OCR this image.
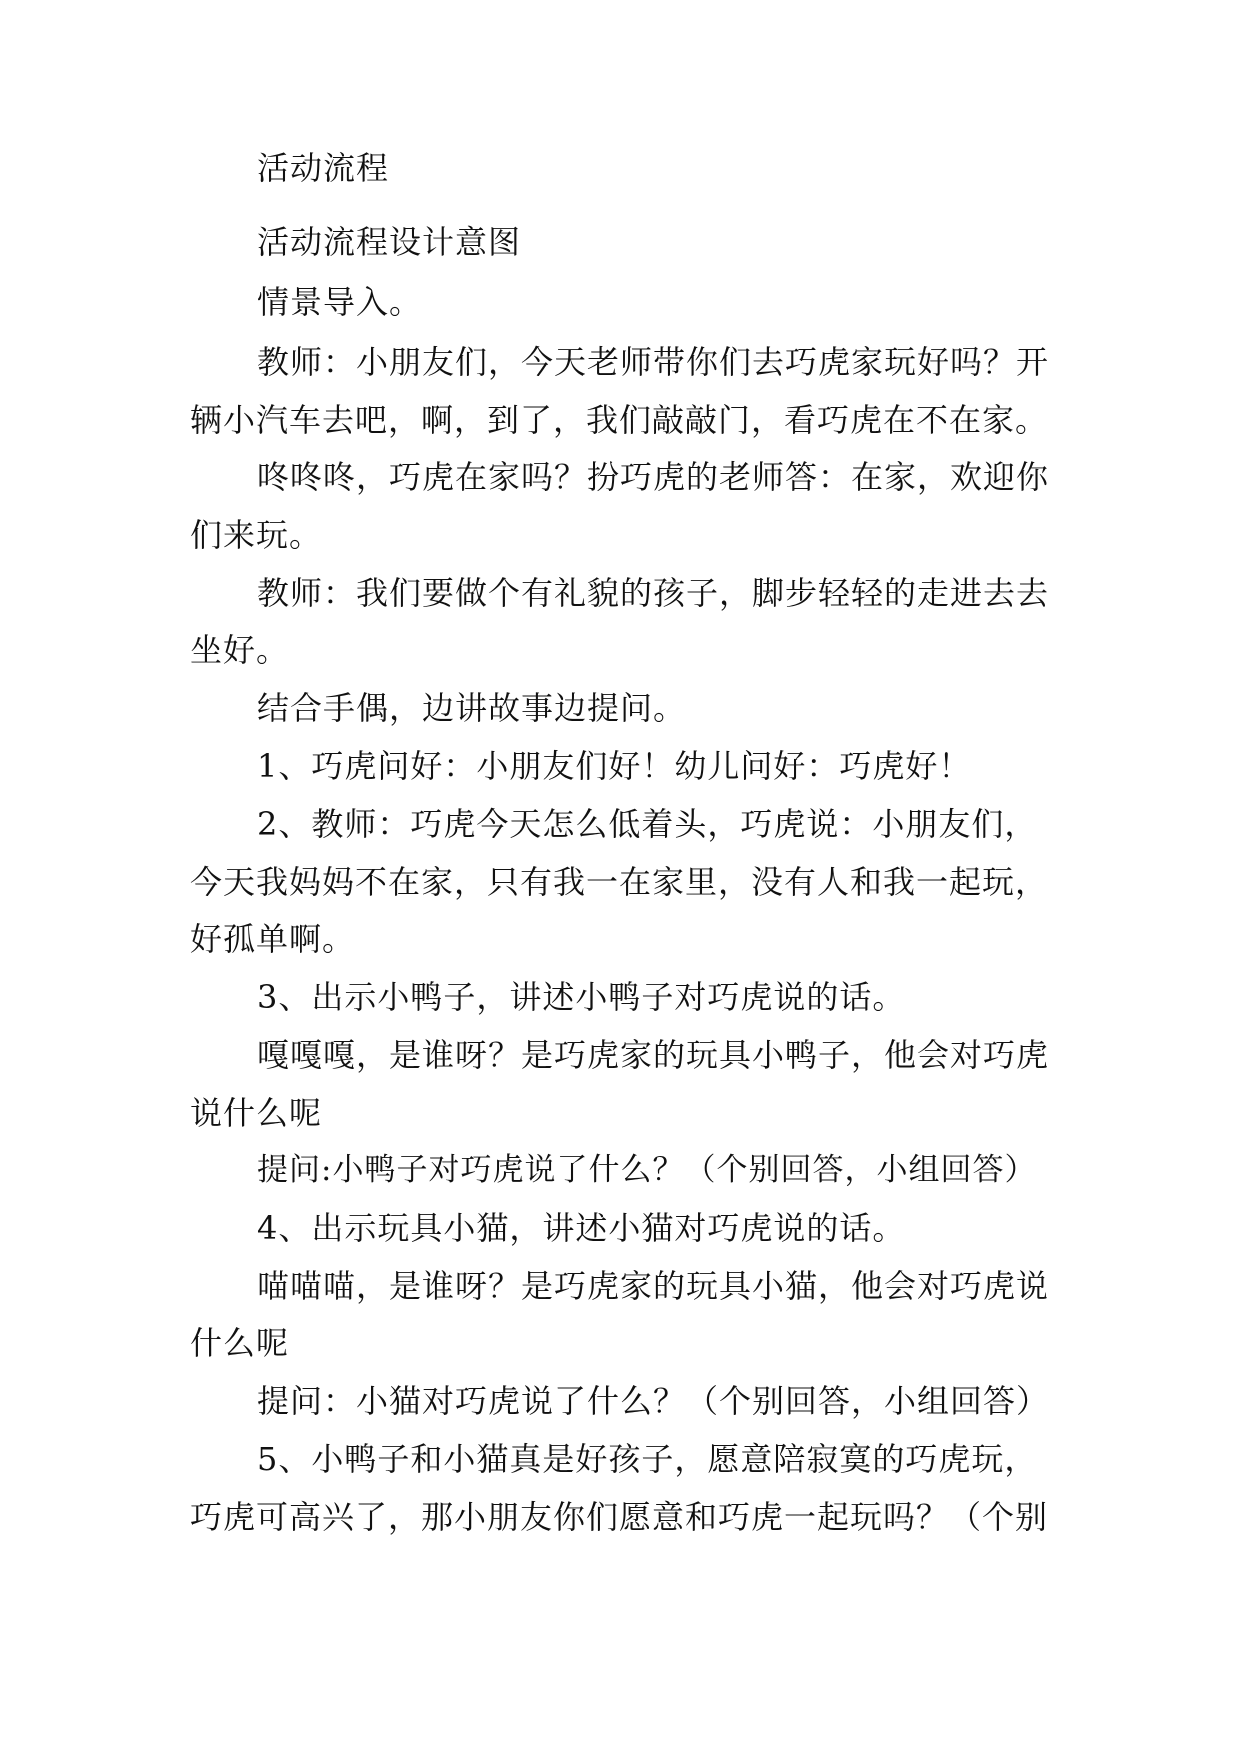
活动流程
活动流程设计意图
情景导入。
教师：小朋友们，今天老师带你们去巧虎家玩好吗？开
辆小汽车去吧，啊，到了，我们敲敲门，看巧虎在不在家。
咚咚咚，巧虎在家吗？扮巧虎的老师答：在家，欢迎你
们来玩。
教师：我们要做个有礼貌的孩子，脚步轻轻的走进去去
坐好。
结合手偶，边讲故事边提问。
1、巧虎问好：小朋友们好！幼儿问好：巧虎好！
2、教师：巧虎今天怎么低着头，巧虎说：小朋友们，
今天我妈妈不在家，只有我一在家里，没有人和我一起玩，
好孤单啊。
3、出示小鸭子，讲述小鸭子对巧虎说的话。
嘎嘎嘎，是谁呀？是巧虎家的玩具小鸭子，他会对巧虎
说什么呢
提问:小鸭子对巧虎说了什么？（个别回答，小组回答）
4、出示玩具小猫，讲述小猫对巧虎说的话。
喵喵喵，是谁呀？是巧虎家的玩具小猫，他会对巧虎说
什么呢
提问：小猫对巧虎说了什么？（个别回答，小组回答）
5、小鸭子和小猫真是好孩子，愿意陪寂寞的巧虎玩，
巧虎可高兴了，那小朋友你们愿意和巧虎一起玩吗？（个别
